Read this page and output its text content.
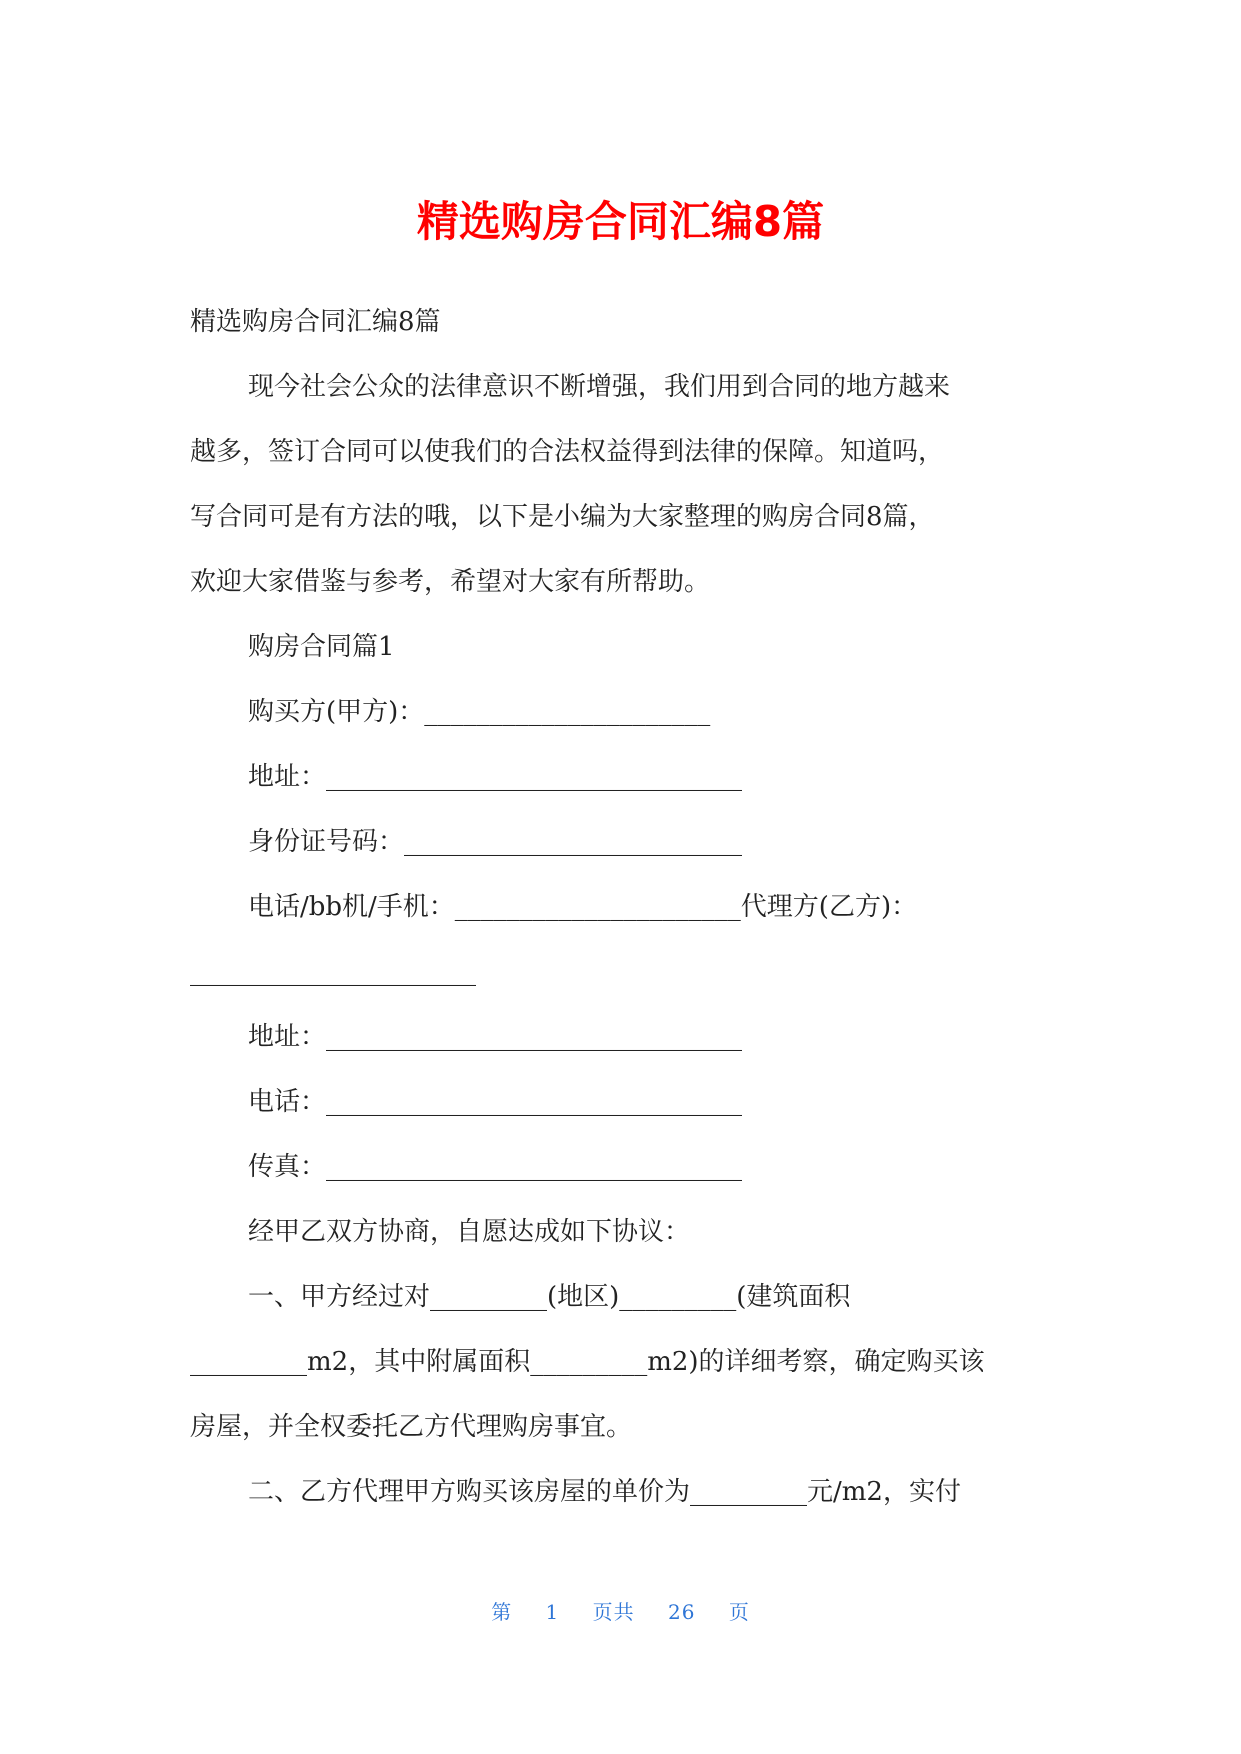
精选购房合同汇编8篇
精选购房合同汇编8篇
现今社会公众的法律意识不断增强，我们用到合同的地方越来
越多，签订合同可以使我们的合法权益得到法律的保障。知道吗，
写合同可是有方法的哦，以下是小编为大家整理的购房合同8篇，
欢迎大家借鉴与参考，希望对大家有所帮助。
购房合同篇1
购买方(甲方)：______________________
地址：________________________________
身份证号码：__________________________
电话/bb机/手机：______________________代理方(乙方)：
______________________
地址：________________________________
电话：________________________________
传真：________________________________
经甲乙双方协商，自愿达成如下协议：
一、甲方经过对_________(地区)_________(建筑面积
_________m2，其中附属面积_________m2)的详细考察，确定购买该
房屋，并全权委托乙方代理购房事宜。
二、乙方代理甲方购买该房屋的单价为_________元/m2，实付
第 1 页共 26 页
